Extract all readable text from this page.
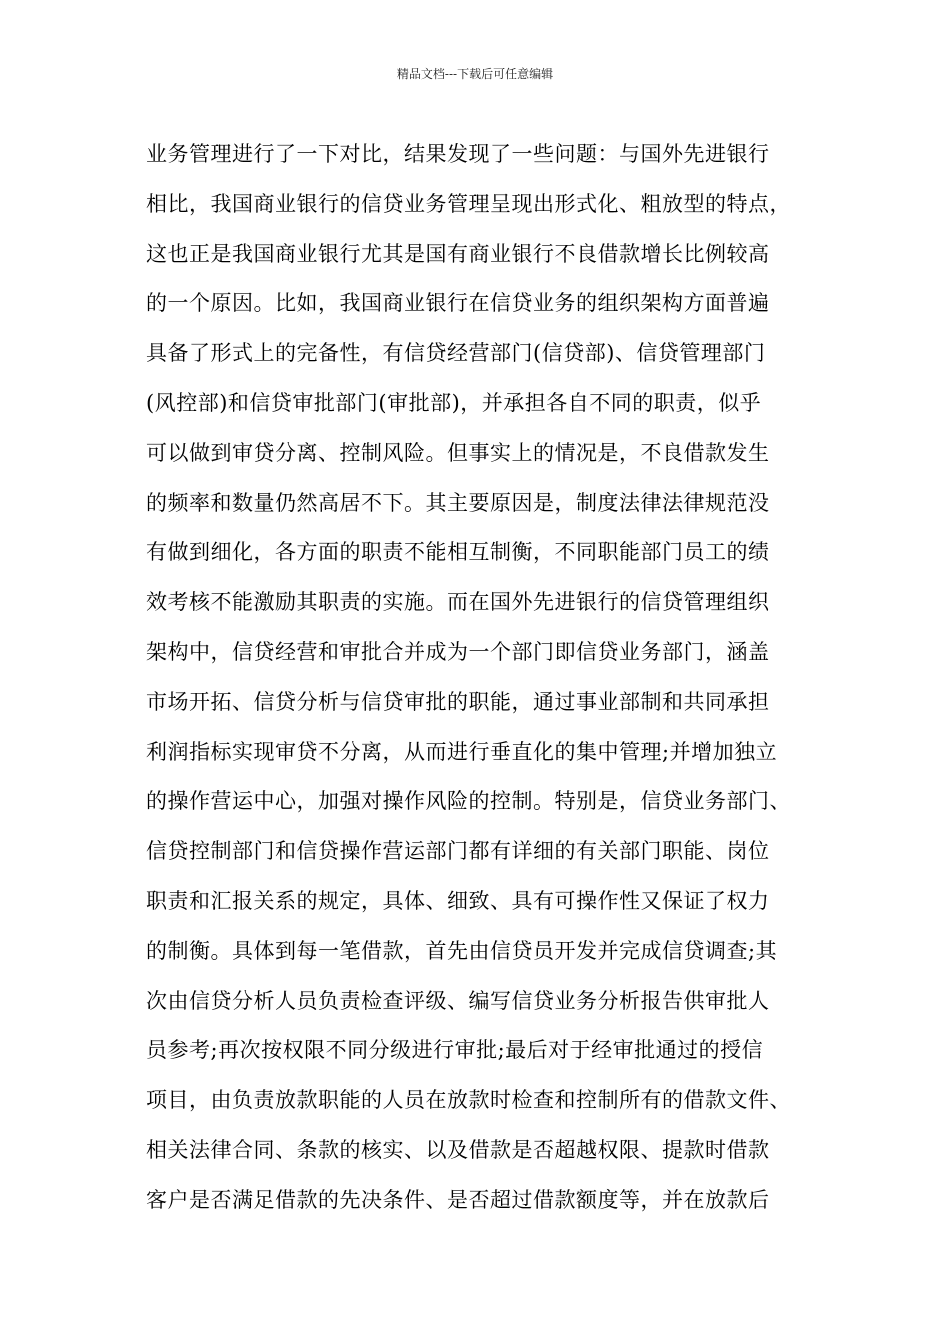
精品文档---下载后可任意编辑
业务管理进行了一下对比，结果发现了一些问题：与国外先进银行
相比，我国商业银行的信贷业务管理呈现出形式化、粗放型的特点，
这也正是我国商业银行尤其是国有商业银行不良借款增长比例较高
的一个原因。比如，我国商业银行在信贷业务的组织架构方面普遍
具备了形式上的完备性，有信贷经营部门(信贷部)、信贷管理部门
(风控部)和信贷审批部门(审批部)，并承担各自不同的职责，似乎
可以做到审贷分离、控制风险。但事实上的情况是，不良借款发生
的频率和数量仍然高居不下。其主要原因是，制度法律法律规范没
有做到细化，各方面的职责不能相互制衡，不同职能部门员工的绩
效考核不能激励其职责的实施。而在国外先进银行的信贷管理组织
架构中，信贷经营和审批合并成为一个部门即信贷业务部门，涵盖
市场开拓、信贷分析与信贷审批的职能，通过事业部制和共同承担
利润指标实现审贷不分离，从而进行垂直化的集中管理;并增加独立
的操作营运中心，加强对操作风险的控制。特别是，信贷业务部门、
信贷控制部门和信贷操作营运部门都有详细的有关部门职能、岗位
职责和汇报关系的规定，具体、细致、具有可操作性又保证了权力
的制衡。具体到每一笔借款，首先由信贷员开发并完成信贷调查;其
次由信贷分析人员负责检查评级、编写信贷业务分析报告供审批人
员参考;再次按权限不同分级进行审批;最后对于经审批通过的授信
项目，由负责放款职能的人员在放款时检查和控制所有的借款文件、
相关法律合同、条款的核实、以及借款是否超越权限、提款时借款
客户是否满足借款的先决条件、是否超过借款额度等，并在放款后
